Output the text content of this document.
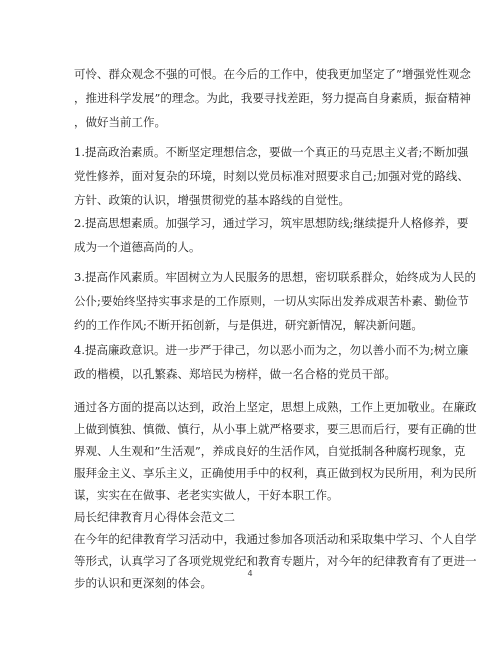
可怜、群众观念不强的可恨。在今后的工作中，使我更加坚定了”增强党性观念
，推进科学发展”的理念。为此，我要寻找差距，努力提高自身素质，振奋精神
，做好当前工作。
1.提高政治素质。不断坚定理想信念，要做一个真正的马克思主义者;不断加强
党性修养，面对复杂的环境，时刻以党员标准对照要求自己;加强对党的路线、
方针、政策的认识，增强贯彻党的基本路线的自觉性。
2.提高思想素质。加强学习，通过学习，筑牢思想防线;继续提升人格修养，要
成为一个道德高尚的人。
3.提高作风素质。牢固树立为人民服务的思想，密切联系群众，始终成为人民的
公仆;要始终坚持实事求是的工作原则，一切从实际出发养成艰苦朴素、勤俭节
约的工作作风;不断开拓创新，与是俱进，研究新情况，解决新问题。
4.提高廉政意识。进一步严于律己，勿以恶小而为之，勿以善小而不为;树立廉
政的楷模，以孔繁森、郑培民为榜样，做一名合格的党员干部。
通过各方面的提高以达到，政治上坚定，思想上成熟，工作上更加敬业。在廉政
上做到慎独、慎微、慎行，从小事上就严格要求，要三思而后行，要有正确的世
界观、人生观和”生活观”，养成良好的生活作风，自觉抵制各种腐朽现象，克
服拜金主义、享乐主义，正确使用手中的权利，真正做到权为民所用，利为民所
谋，实实在在做事、老老实实做人，干好本职工作。
局长纪律教育月心得体会范文二
在今年的纪律教育学习活动中，我通过参加各项活动和采取集中学习、个人自学
等形式，认真学习了各项党规党纪和教育专题片，对今年的纪律教育有了更进一
步的认识和更深刻的体会。
4
